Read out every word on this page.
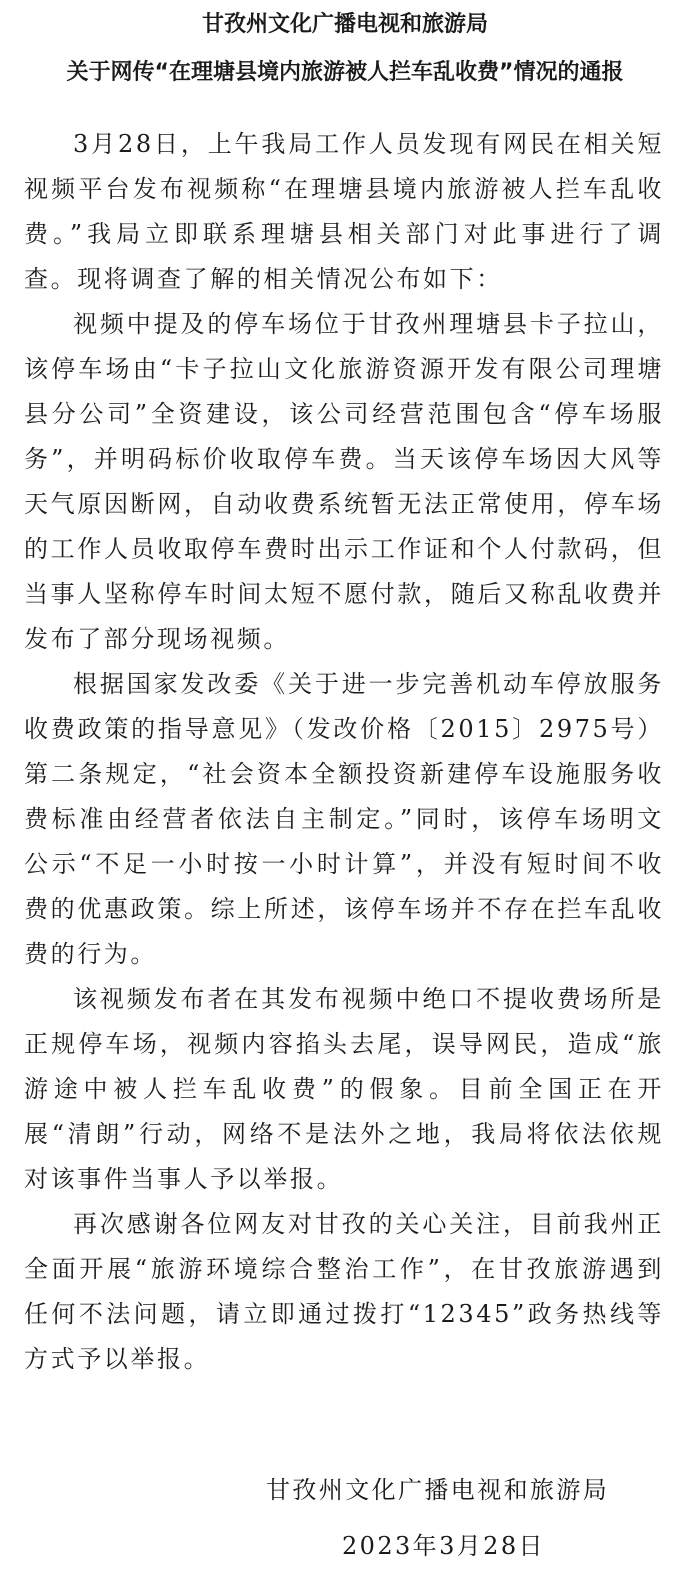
甘孜州文化广播电视和旅游局
关于网传“在理塘县境内旅游被人拦车乱收费”情况的通报

3月28日，上午我局工作人员发现有网民在相关短视频平台发布视频称“在理塘县境内旅游被人拦车乱收费。”我局立即联系理塘县相关部门对此事进行了调查。现将调查了解的相关情况公布如下：

视频中提及的停车场位于甘孜州理塘县卡子拉山，该停车场由“卡子拉山文化旅游资源开发有限公司理塘县分公司”全资建设，该公司经营范围包含“停车场服务”，并明码标价收取停车费。当天该停车场因大风等天气原因断网，自动收费系统暂无法正常使用，停车场的工作人员收取停车费时出示工作证和个人付款码，但当事人坚称停车时间太短不愿付款，随后又称乱收费并发布了部分现场视频。

根据国家发改委《关于进一步完善机动车停放服务收费政策的指导意见》（发改价格〔2015〕2975号）第二条规定，“社会资本全额投资新建停车设施服务收费标准由经营者依法自主制定。”同时，该停车场明文公示“不足一小时按一小时计算”，并没有短时间不收费的优惠政策。综上所述，该停车场并不存在拦车乱收费的行为。

该视频发布者在其发布视频中绝口不提收费场所是正规停车场，视频内容掐头去尾，误导网民，造成“旅游途中被人拦车乱收费”的假象。目前全国正在开展“清朗”行动，网络不是法外之地，我局将依法依规对该事件当事人予以举报。

再次感谢各位网友对甘孜的关心关注，目前我州正全面开展“旅游环境综合整治工作”，在甘孜旅游遇到任何不法问题，请立即通过拨打“12345”政务热线等方式予以举报。

甘孜州文化广播电视和旅游局
2023年3月28日
